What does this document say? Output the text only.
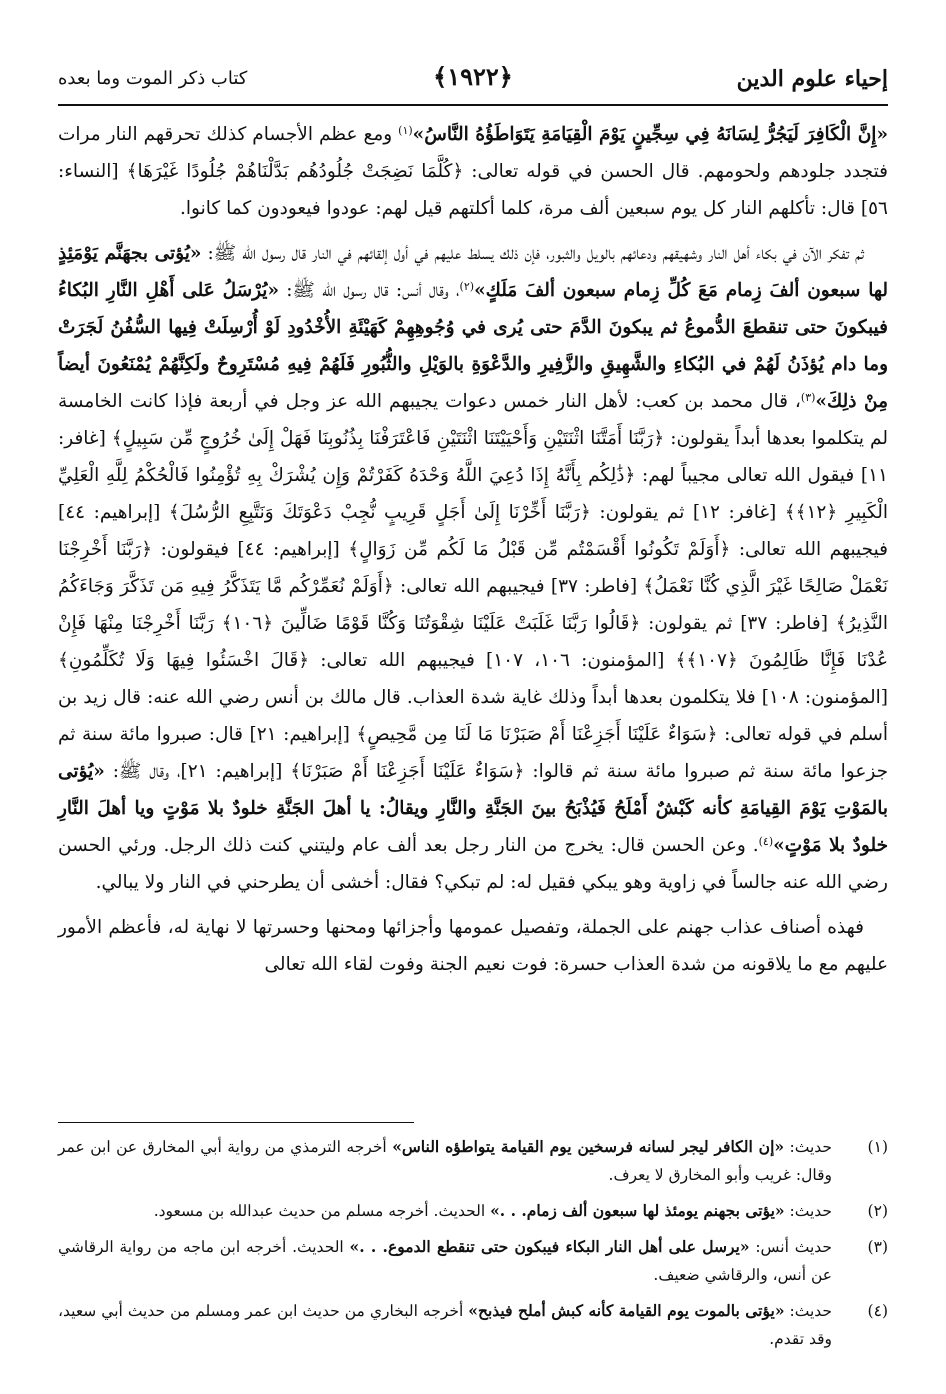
إحياء علوم الدين
﴿١٩٢٢﴾
كتاب ذكر الموت وما بعده

«إِنَّ الْكَافِرَ لَيَجُرُّ لِسَانَهُ فِي سِجِّينٍ يَوْمَ الْقِيَامَةِ يَتَوَاطَؤُهُ النَّاسُ»$^{(١)}$ ومع عظم الأجسام كذلك تحرقهم النار مرات فتجدد جلودهم ولحومهم. قال الحسن في قوله تعالى: ﴿كُلَّمَا نَضِجَتْ جُلُودُهُم بَدَّلْنَاهُمْ جُلُودًا غَيْرَهَا﴾ [النساء: ٥٦] قال: تأكلهم النار كل يوم سبعين ألف مرة، كلما أكلتهم قيل لهم: عودوا فيعودون كما كانوا.

ثم تفكر الآن في بكاء أهل النار وشهيقهم ودعائهم بالويل والثبور، فإن ذلك يسلط عليهم في أول إلقائهم في النار قال رسول الله ﷺ: «يُؤتى بجهَنَّم يَوْمَئِذٍ لها سبعون ألفَ زِمام مَعَ كُلِّ زِمام سبعون ألفَ مَلَكٍ»$^{(٢)}$، وقال أنس: قال رسول الله ﷺ: «يُرْسَلُ عَلى أَهْلِ النَّارِ البُكاءُ فيبكونَ حتى تنقطعَ الدُّموعُ ثم يبكونَ الدَّمَ حتى يُرى في وُجُوهِهِمْ كَهَيْئَةِ الأُخْدُودِ لَوْ أُرْسِلَتْ فِيها السُّفُنُ لَجَرَتْ وما دام يُؤذَنُ لَهُمْ في البُكاءِ والشَّهِيقِ والزَّفِيرِ والدَّعْوَةِ بالوَيْلِ والثُّبُورِ فَلَهُمْ فِيهِ مُسْتَرِوحٌ ولَكِنَّهُمْ يُمْنَعُونَ أيضاً مِنْ ذلِكَ»$^{(٣)}$، قال محمد بن كعب: لأهل النار خمس دعوات يجيبهم الله عز وجل في أربعة فإذا كانت الخامسة لم يتكلموا بعدها أبداً يقولون: ﴿رَبَّنَا أَمَتَّنَا اثْنَتَيْنِ وَأَحْيَيْتَنَا اثْنَتَيْنِ فَاعْتَرَفْنَا بِذُنُوبِنَا فَهَلْ إِلَىٰ خُرُوجٍ مِّن سَبِيلٍ﴾ [غافر: ١١] فيقول الله تعالى مجيباً لهم: ﴿ذَٰلِكُم بِأَنَّهُ إِذَا دُعِيَ اللَّهُ وَحْدَهُ كَفَرْتُمْ وَإِن يُشْرَكْ بِهِ تُؤْمِنُوا فَالْحُكْمُ لِلَّهِ الْعَلِيِّ الْكَبِيرِ ﴿١٢﴾﴾ [غافر: ١٢] ثم يقولون: ﴿رَبَّنَا أَخِّرْنَا إِلَىٰ أَجَلٍ قَرِيبٍ نُّجِبْ دَعْوَتَكَ وَنَتَّبِعِ الرُّسُلَ﴾ [إبراهيم: ٤٤] فيجيبهم الله تعالى: ﴿أَوَلَمْ تَكُونُوا أَقْسَمْتُم مِّن قَبْلُ مَا لَكُم مِّن زَوَالٍ﴾ [إبراهيم: ٤٤] فيقولون: ﴿رَبَّنَا أَخْرِجْنَا نَعْمَلْ صَالِحًا غَيْرَ الَّذِي كُنَّا نَعْمَلُ﴾ [فاطر: ٣٧] فيجيبهم الله تعالى: ﴿أَوَلَمْ نُعَمِّرْكُم مَّا يَتَذَكَّرُ فِيهِ مَن تَذَكَّرَ وَجَاءَكُمُ النَّذِيرُ﴾ [فاطر: ٣٧] ثم يقولون: ﴿قَالُوا رَبَّنَا غَلَبَتْ عَلَيْنَا شِقْوَتُنَا وَكُنَّا قَوْمًا ضَالِّينَ ﴿١٠٦﴾ رَبَّنَا أَخْرِجْنَا مِنْهَا فَإِنْ عُدْنَا فَإِنَّا ظَالِمُونَ ﴿١٠٧﴾﴾ [المؤمنون: ١٠٦، ١٠٧] فيجيبهم الله تعالى: ﴿قَالَ اخْسَئُوا فِيهَا وَلَا تُكَلِّمُونِ﴾ [المؤمنون: ١٠٨] فلا يتكلمون بعدها أبداً وذلك غاية شدة العذاب. قال مالك بن أنس رضي الله عنه: قال زيد بن أسلم في قوله تعالى: ﴿سَوَاءٌ عَلَيْنَا أَجَزِعْنَا أَمْ صَبَرْنَا مَا لَنَا مِن مَّحِيصٍ﴾ [إبراهيم: ٢١] قال: صبروا مائة سنة ثم جزعوا مائة سنة ثم صبروا مائة سنة ثم قالوا: ﴿سَوَاءٌ عَلَيْنَا أَجَزِعْنَا أَمْ صَبَرْنَا﴾ [إبراهيم: ٢١]، وقال ﷺ: «يُؤتى بالمَوْتِ يَوْمَ القِيامَةِ كأنه كَبْشٌ أَمْلَحُ فَيُذْبَحُ بينَ الجَنَّةِ والنَّارِ ويقالُ: يا أهلَ الجَنَّةِ خلودٌ بلا مَوْتٍ ويا أهلَ النَّارِ خلودٌ بلا مَوْتٍ»$^{(٤)}$. وعن الحسن قال: يخرج من النار رجل بعد ألف عام وليتني كنت ذلك الرجل. ورئي الحسن رضي الله عنه جالساً في زاوية وهو يبكي فقيل له: لم تبكي؟ فقال: أخشى أن يطرحني في النار ولا يبالي.

فهذه أصناف عذاب جهنم على الجملة، وتفصيل عمومها وأجزائها ومحنها وحسرتها لا نهاية له، فأعظم الأمور عليهم مع ما يلاقونه من شدة العذاب حسرة: فوت نعيم الجنة وفوت لقاء الله تعالى

(١)
حديث: «إن الكافر ليجر لسانه فرسخين يوم القيامة يتواطؤه الناس» أخرجه الترمذي من رواية أبي المخارق عن ابن عمر وقال: غريب وأبو المخارق لا يعرف.
(٢)
حديث: «يؤتى بجهنم يومئذ لها سبعون ألف زمام. . .» الحديث. أخرجه مسلم من حديث عبدالله بن مسعود.
(٣)
حديث أنس: «يرسل على أهل النار البكاء فيبكون حتى تنقطع الدموع. . .» الحديث. أخرجه ابن ماجه من رواية الرقاشي عن أنس، والرقاشي ضعيف.
(٤)
حديث: «يؤتى بالموت يوم القيامة كأنه كبش أملح فيذبح» أخرجه البخاري من حديث ابن عمر ومسلم من حديث أبي سعيد، وقد تقدم.
